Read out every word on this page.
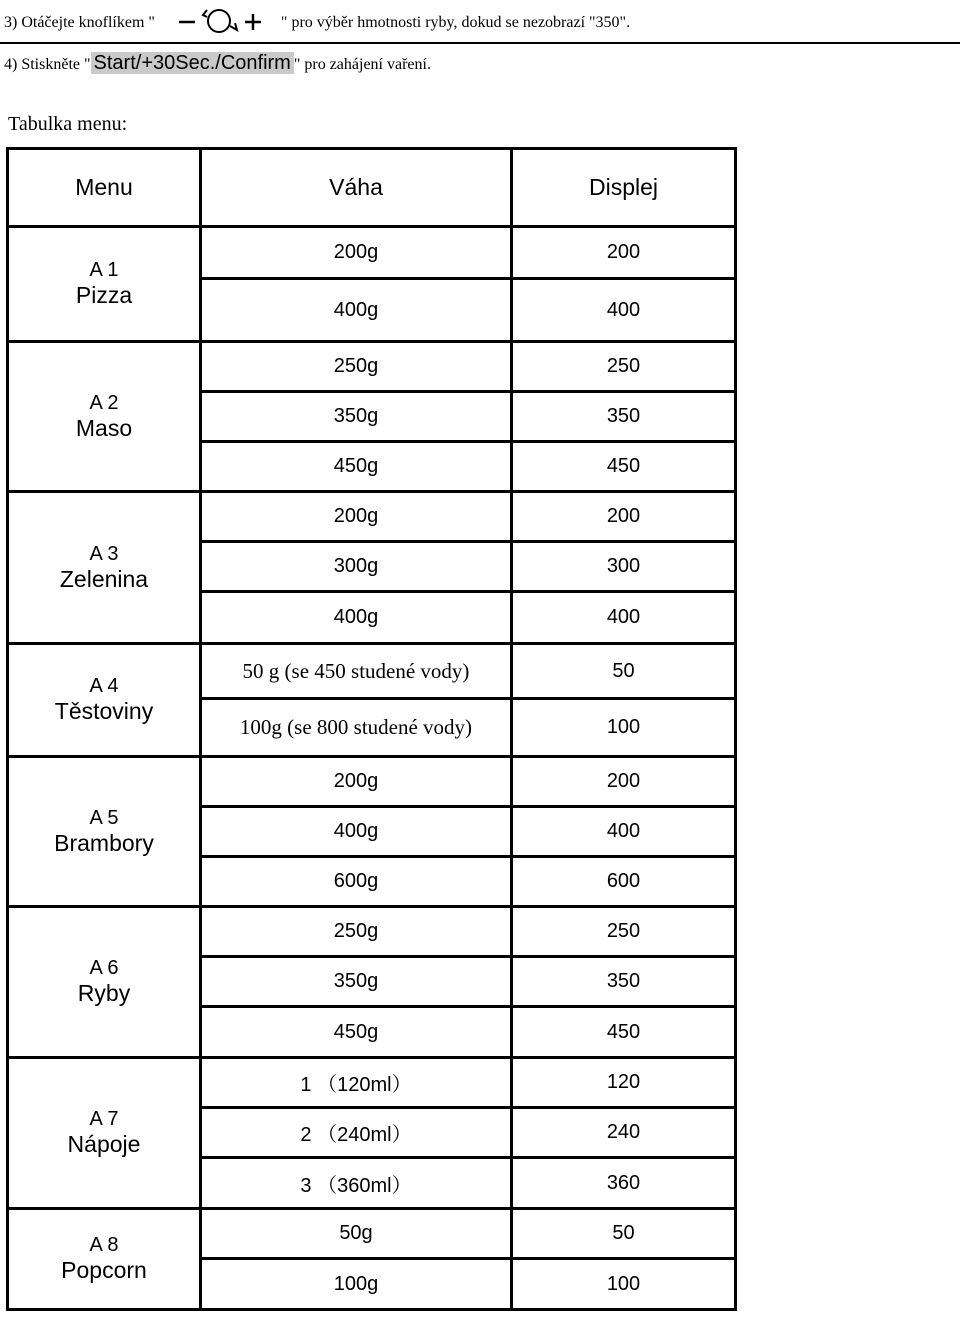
3) Otáčejte knoflíkem "	" pro výběr hmotnosti ryby, dokud se nezobrazí "350".
4) Stiskněte " Start/+30Sec./Confirm " pro zahájení vaření.
Tabulka menu:
Menu	Váha	Displej

A 1
Pizza	200g	200
	400g	400

A 2
Maso	250g	250
	350g	350
	450g	450

A 3
Zelenina	200g	200
	300g	300
	400g	400

A 4
Těstoviny	50 g (se 450 studené vody)	50
	100g (se 800 studené vody)	100

A 5
Brambory	200g	200
	400g	400
	600g	600

A 6
Ryby	250g	250
	350g	350
	450g	450

A 7
Nápoje	1 （120ml）	120
	2 （240ml）	240
	3 （360ml）	360

A 8
Popcorn	50g	50
	100g	100
